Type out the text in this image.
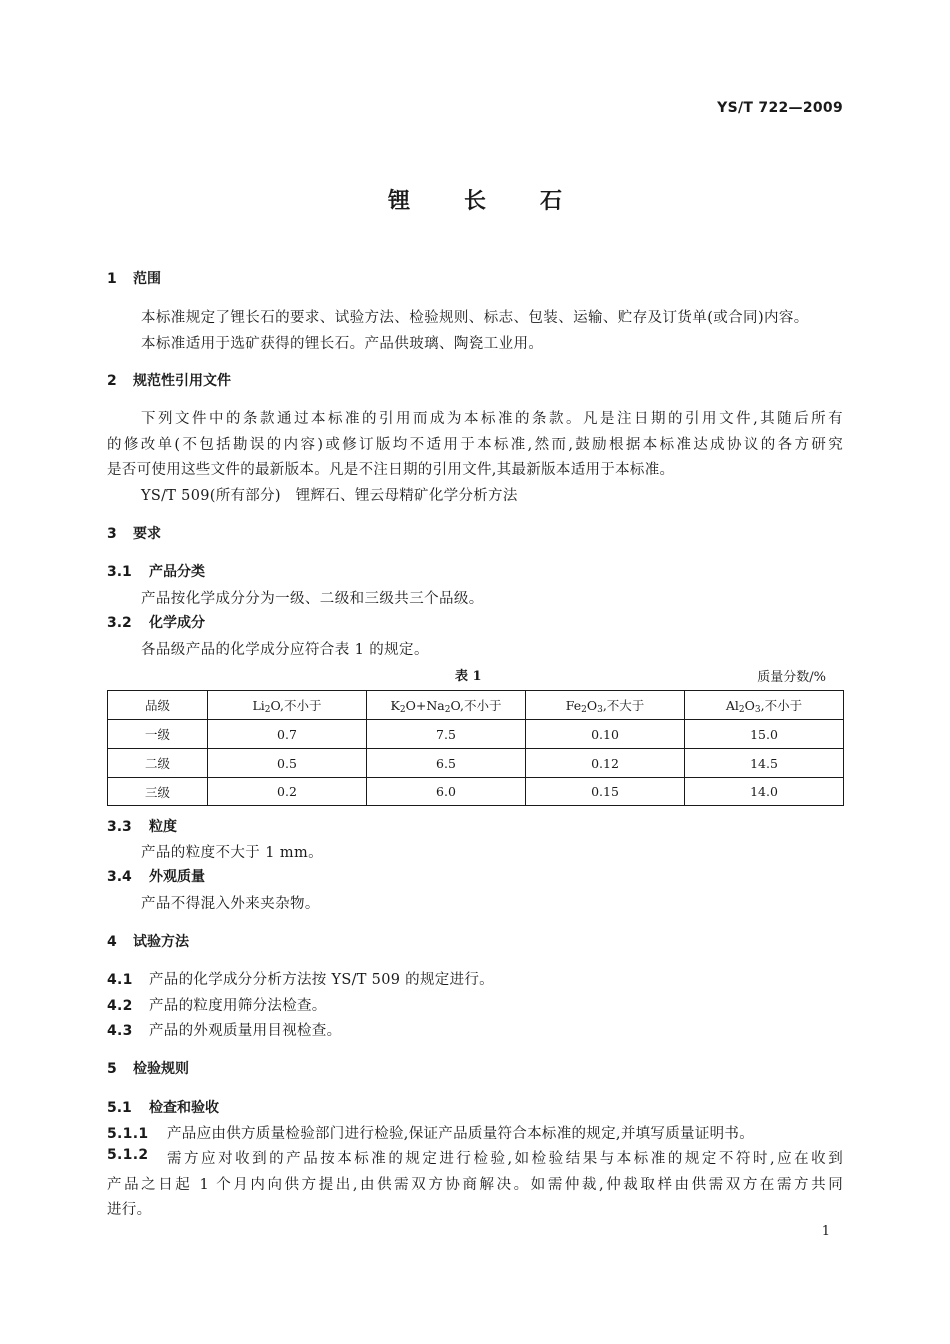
YS/T 722—2009
锂长石
1 范围
本标准规定了锂长石的要求、试验方法、检验规则、标志、包装、运输、贮存及订货单(或合同)内容。
本标准适用于选矿获得的锂长石。产品供玻璃、陶瓷工业用。
2 规范性引用文件
下列文件中的条款通过本标准的引用而成为本标准的条款。凡是注日期的引用文件,其随后所有
的修改单(不包括勘误的内容)或修订版均不适用于本标准,然而,鼓励根据本标准达成协议的各方研究
是否可使用这些文件的最新版本。凡是不注日期的引用文件,其最新版本适用于本标准。
YS/T 509(所有部分)　锂辉石、锂云母精矿化学分析方法
3 要求
3.1 产品分类
产品按化学成分分为一级、二级和三级共三个品级。
3.2 化学成分
各品级产品的化学成分应符合表 1 的规定。
表 1	质量分数/%
品级	$Li_2O$,不小于	$K_2O+Na_2O$,不小于	$Fe_2O_3$,不大于	$Al_2O_3$,不小于
一级	0.7	7.5	0.10	15.0
二级	0.5	6.5	0.12	14.5
三级	0.2	6.0	0.15	14.0
3.3 粒度
产品的粒度不大于 1 mm。
3.4 外观质量
产品不得混入外来夹杂物。
4 试验方法
4.1 产品的化学成分分析方法按 YS/T 509 的规定进行。
4.2 产品的粒度用筛分法检查。
4.3 产品的外观质量用目视检查。
5 检验规则
5.1 检查和验收
5.1.1 产品应由供方质量检验部门进行检验,保证产品质量符合本标准的规定,并填写质量证明书。
5.1.2	需方应对收到的产品按本标准的规定进行检验,如检验结果与本标准的规定不符时,应在收到
产品之日起 1 个月内向供方提出,由供需双方协商解决。如需仲裁,仲裁取样由供需双方在需方共同
进行。
1
